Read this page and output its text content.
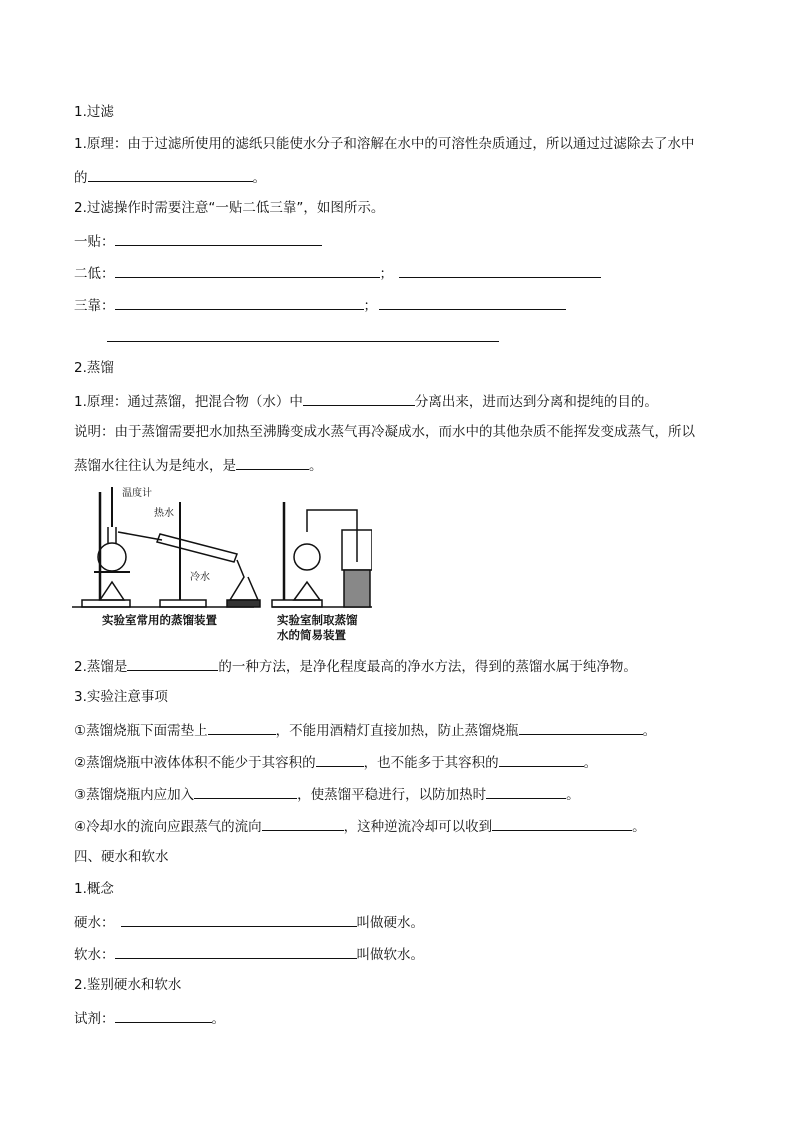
1.过滤
1.原理：由于过滤所使用的滤纸只能使水分子和溶解在水中的可溶性杂质通过，所以通过过滤除去了水中
的	。
2.过滤操作时需要注意“一贴二低三靠”，如图所示。
一贴：
二低：	；
三靠：	；
2.蒸馏
1.原理：通过蒸馏，把混合物（水）中	分离出来，进而达到分离和提纯的目的。
说明：由于蒸馏需要把水加热至沸腾变成水蒸气再冷凝成水，而水中的其他杂质不能挥发变成蒸气，所以
蒸馏水往往认为是纯水，是	。
温度计
热水
冷水
实验室常用的蒸馏装置	实验室制取蒸馏
水的简易装置
2.蒸馏是	的一种方法，是净化程度最高的净水方法，得到的蒸馏水属于纯净物。
3.实验注意事项
①蒸馏烧瓶下面需垫上	，不能用酒精灯直接加热，防止蒸馏烧瓶	。
②蒸馏烧瓶中液体体积不能少于其容积的	，也不能多于其容积的	。
③蒸馏烧瓶内应加入	，使蒸馏平稳进行，以防加热时	。
④冷却水的流向应跟蒸气的流向	，这种逆流冷却可以收到	。
四、硬水和软水
1.概念
硬水：	叫做硬水。
软水：	叫做软水。
2.鉴别硬水和软水
试剂：	。
